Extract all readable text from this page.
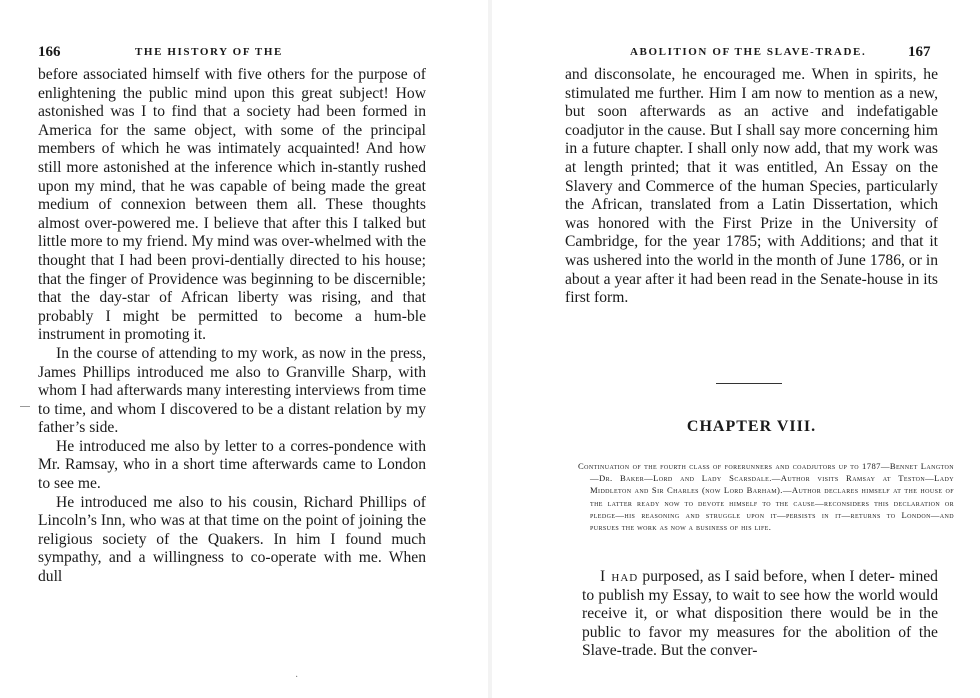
166	THE HISTORY OF THE

before associated himself with five others for the purpose of enlightening the public mind upon this great subject! How astonished was I to find that a society had been formed in America for the same object, with some of the principal members of which he was intimately acquainted! And how still more astonished at the inference which in-stantly rushed upon my mind, that he was capable of being made the great medium of connexion between them all. These thoughts almost over-powered me. I believe that after this I talked but little more to my friend. My mind was over-whelmed with the thought that I had been provi-dentially directed to his house; that the finger of Providence was beginning to be discernible; that the day-star of African liberty was rising, and that probably I might be permitted to become a hum-ble instrument in promoting it.

In the course of attending to my work, as now in the press, James Phillips introduced me also to Granville Sharp, with whom I had afterwards many interesting interviews from time to time, and whom I discovered to be a distant relation by my father’s side.

He introduced me also by letter to a corres-pondence with Mr. Ramsay, who in a short time afterwards came to London to see me.

He introduced me also to his cousin, Richard Phillips of Lincoln’s Inn, who was at that time on the point of joining the religious society of the Quakers. In him I found much sympathy, and a willingness to co-operate with me. When dull

·
ABOLITION OF THE SLAVE-TRADE.	167

and disconsolate, he encouraged me. When in spirits, he stimulated me further. Him I am now to mention as a new, but soon afterwards as an active and indefatigable coadjutor in the cause. But I shall say more concerning him in a future chapter. I shall only now add, that my work was at length printed; that it was entitled, An Essay on the Slavery and Commerce of the human Species, particularly the African, translated from a Latin Dissertation, which was honored with the First Prize in the University of Cambridge, for the year 1785; with Additions; and that it was ushered into the world in the month of June 1786, or in about a year after it had been read in the Senate-house in its first form.

CHAPTER VIII.
Continuation of the fourth class of forerunners and coadjutors up to 1787—Bennet Langton—Dr. Baker—Lord and Lady Scarsdale.—Author visits Ramsay at Teston—Lady Middleton and Sir Charles (now Lord Barham).—Author declares himself at the house of the latter ready now to devote himself to the cause—reconsiders this declaration or pledge—his reasoning and struggle upon it—persists in it—returns to London—and pursues the work as now a business of his life.

I had purposed, as I said before, when I deter- mined to publish my Essay, to wait to see how the world would receive it, or what disposition there would be in the public to favor my measures for the abolition of the Slave-trade. But the conver-
